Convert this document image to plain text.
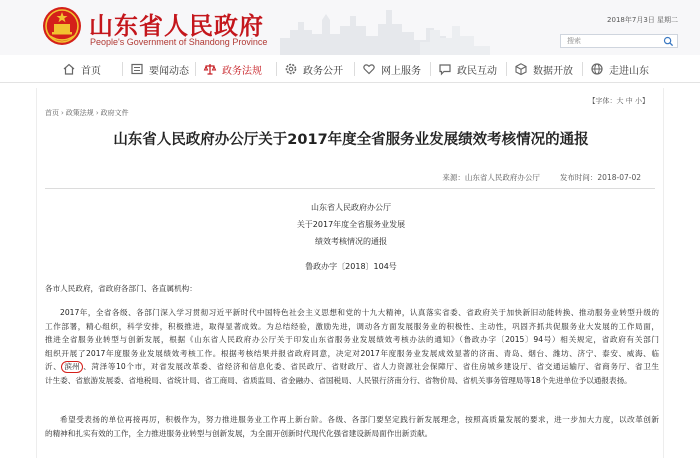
山东省人民政府
People's Government of Shandong Province
2018年7月3日 星期二
搜索
首页	要闻动态	政务法规	政务公开	网上服务	政民互动	数据开放	走进山东
【字体：大 中 小】
首页 › 政策法规 › 政府文件
山东省人民政府办公厅关于2017年度全省服务业发展绩效考核情况的通报
来源：山东省人民政府办公厅	发布时间：2018-07-02
山东省人民政府办公厅
关于2017年度全省服务业发展
绩效考核情况的通报
鲁政办字〔2018〕104号
各市人民政府，省政府各部门、各直属机构：
2017年，全省各级、各部门深入学习贯彻习近平新时代中国特色社会主义思想和党的十九大精神，认真落实省委、省政府关于加快新旧动能转换、推动服务业转型升级的
工作部署，精心组织，科学安排，积极推进，取得显著成效。为总结经验，激励先进，调动各方面发展服务业的积极性、主动性，巩固齐抓共促服务业大发展的工作局面，
推进全省服务业转型与创新发展，根据《山东省人民政府办公厅关于印发山东省服务业发展绩效考核办法的通知》（鲁政办字〔2015〕94号）相关规定，省政府有关部门
组织开展了2017年度服务业发展绩效考核工作。根据考核结果并报省政府同意，决定对2017年度服务业发展成效显著的济南、青岛、烟台、潍坊、济宁、泰安、威海、临
沂、 滨州 、菏泽等10个市，对省发展改革委、省经济和信息化委、省民政厅、省财政厅、省人力资源社会保障厅、省住房城乡建设厅、省交通运输厅、省商务厅、省卫生
计生委、省旅游发展委、省地税局、省统计局、省工商局、省质监局、省金融办、省国税局、人民银行济南分行、省物价局、省机关事务管理局等18个先进单位予以通报表扬。
希望受表扬的单位再接再厉，积极作为，努力推进服务业工作再上新台阶。各级、各部门要坚定践行新发展理念，按照高质量发展的要求，进一步加大力度，以改革创新
的精神和扎实有效的工作，全力推进服务业转型与创新发展，为全面开创新时代现代化强省建设新局面作出新贡献。
